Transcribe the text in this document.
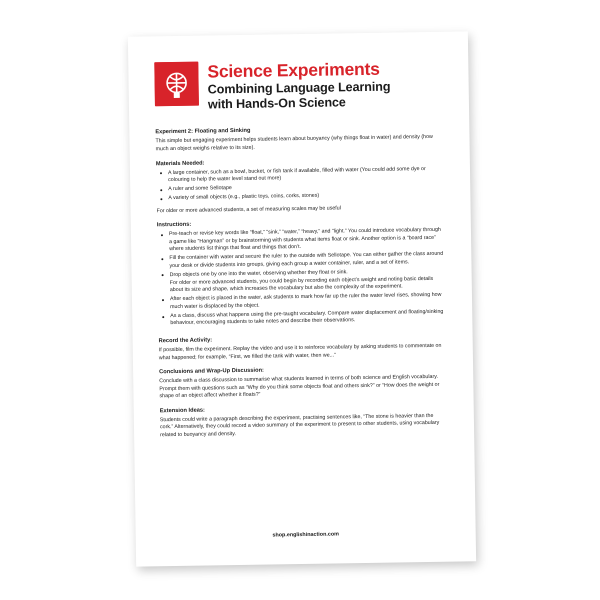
Science Experiments
Combining Language Learning
with Hands-On Science
Experiment 2: Floating and Sinking
This simple but engaging experiment helps students learn about buoyancy (why things float in water) and density (how much an object weighs relative to its size).
Materials Needed:
A large container, such as a bowl, bucket, or fish tank if available, filled with water (You could add some dye or colouring to help the water level stand out more)
A ruler and some Sellotape
A variety of small objects (e.g., plastic toys, coins, corks, stones)
For older or more advanced students, a set of measuring scales may be useful
Instructions:
Pre-teach or revise key words like “float,” “sink,” “water,” “heavy,” and “light.” You could introduce vocabulary through a game like “Hangman” or by brainstorming with students what items float or sink. Another option is a “board race” where students list things that float and things that don’t.
Fill the container with water and secure the ruler to the outside with Sellotape. You can either gather the class around your desk or divide students into groups, giving each group a water container, ruler, and a set of items.
Drop objects one by one into the water, observing whether they float or sink.
For older or more advanced students, you could begin by recording each object’s weight and noting basic details about its size and shape, which increases the vocabulary but also the complexity of the experiment.
After each object is placed in the water, ask students to mark how far up the ruler the water level rises, showing how much water is displaced by the object.
As a class, discuss what happens using the pre-taught vocabulary. Compare water displacement and floating/sinking behaviour, encouraging students to take notes and describe their observations.
Record the Activity:
If possible, film the experiment. Replay the video and use it to reinforce vocabulary by asking students to commentate on what happened; for example, “First, we filled the tank with water, then we...”
Conclusions and Wrap-Up Discussion:
Conclude with a class discussion to summarise what students learned in terms of both science and English vocabulary. Prompt them with questions such as “Why do you think some objects float and others sink?” or “How does the weight or shape of an object affect whether it floats?”
Extension Ideas:
Students could write a paragraph describing the experiment, practising sentences like, “The stone is heavier than the cork.” Alternatively, they could record a video summary of the experiment to present to other students, using vocabulary related to buoyancy and density.
shop.englishinaction.com
